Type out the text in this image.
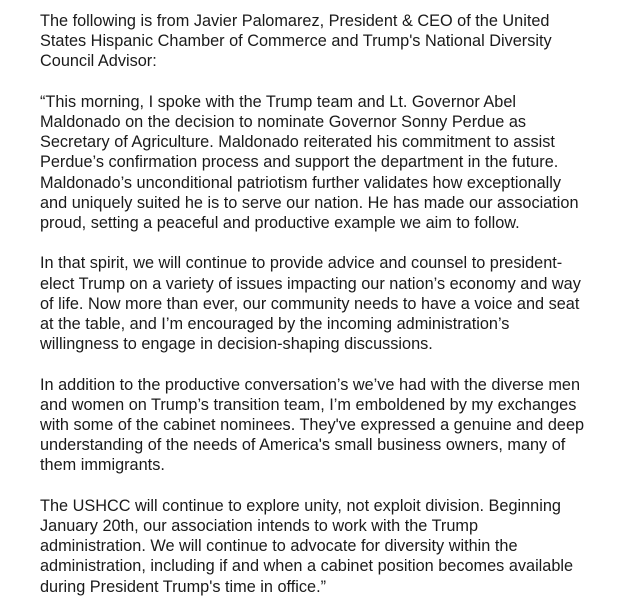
The following is from Javier Palomarez, President & CEO of the United
States Hispanic Chamber of Commerce and Trump's National Diversity
Council Advisor:

“This morning, I spoke with the Trump team and Lt. Governor Abel
Maldonado on the decision to nominate Governor Sonny Perdue as
Secretary of Agriculture. Maldonado reiterated his commitment to assist
Perdue’s confirmation process and support the department in the future.
Maldonado’s unconditional patriotism further validates how exceptionally
and uniquely suited he is to serve our nation. He has made our association
proud, setting a peaceful and productive example we aim to follow.

In that spirit, we will continue to provide advice and counsel to president-
elect Trump on a variety of issues impacting our nation’s economy and way
of life. Now more than ever, our community needs to have a voice and seat
at the table, and I’m encouraged by the incoming administration’s
willingness to engage in decision-shaping discussions.

In addition to the productive conversation’s we’ve had with the diverse men
and women on Trump’s transition team, I’m emboldened by my exchanges
with some of the cabinet nominees. They've expressed a genuine and deep
understanding of the needs of America's small business owners, many of
them immigrants.

The USHCC will continue to explore unity, not exploit division. Beginning
January 20th, our association intends to work with the Trump
administration. We will continue to advocate for diversity within the
administration, including if and when a cabinet position becomes available
during President Trump's time in office.”
